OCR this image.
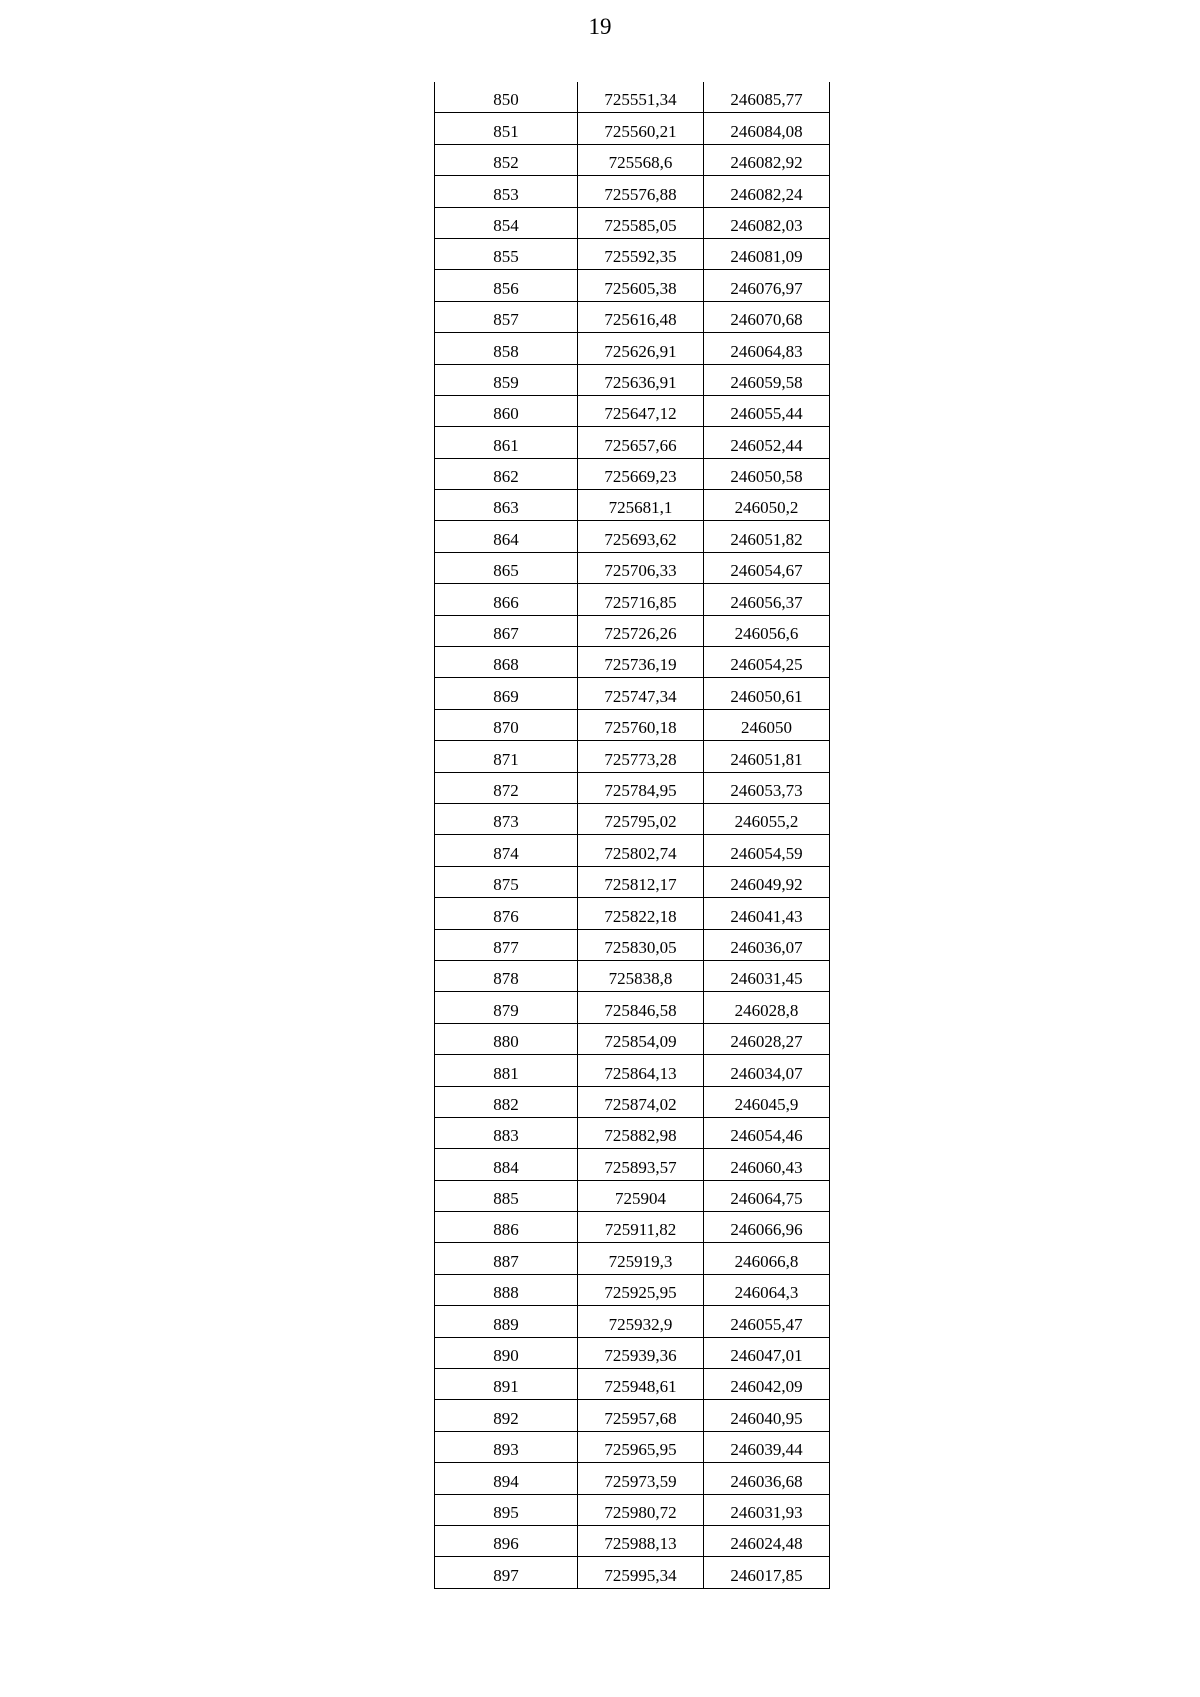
19
850	725551,34	246085,77
851	725560,21	246084,08
852	725568,6	246082,92
853	725576,88	246082,24
854	725585,05	246082,03
855	725592,35	246081,09
856	725605,38	246076,97
857	725616,48	246070,68
858	725626,91	246064,83
859	725636,91	246059,58
860	725647,12	246055,44
861	725657,66	246052,44
862	725669,23	246050,58
863	725681,1	246050,2
864	725693,62	246051,82
865	725706,33	246054,67
866	725716,85	246056,37
867	725726,26	246056,6
868	725736,19	246054,25
869	725747,34	246050,61
870	725760,18	246050
871	725773,28	246051,81
872	725784,95	246053,73
873	725795,02	246055,2
874	725802,74	246054,59
875	725812,17	246049,92
876	725822,18	246041,43
877	725830,05	246036,07
878	725838,8	246031,45
879	725846,58	246028,8
880	725854,09	246028,27
881	725864,13	246034,07
882	725874,02	246045,9
883	725882,98	246054,46
884	725893,57	246060,43
885	725904	246064,75
886	725911,82	246066,96
887	725919,3	246066,8
888	725925,95	246064,3
889	725932,9	246055,47
890	725939,36	246047,01
891	725948,61	246042,09
892	725957,68	246040,95
893	725965,95	246039,44
894	725973,59	246036,68
895	725980,72	246031,93
896	725988,13	246024,48
897	725995,34	246017,85
